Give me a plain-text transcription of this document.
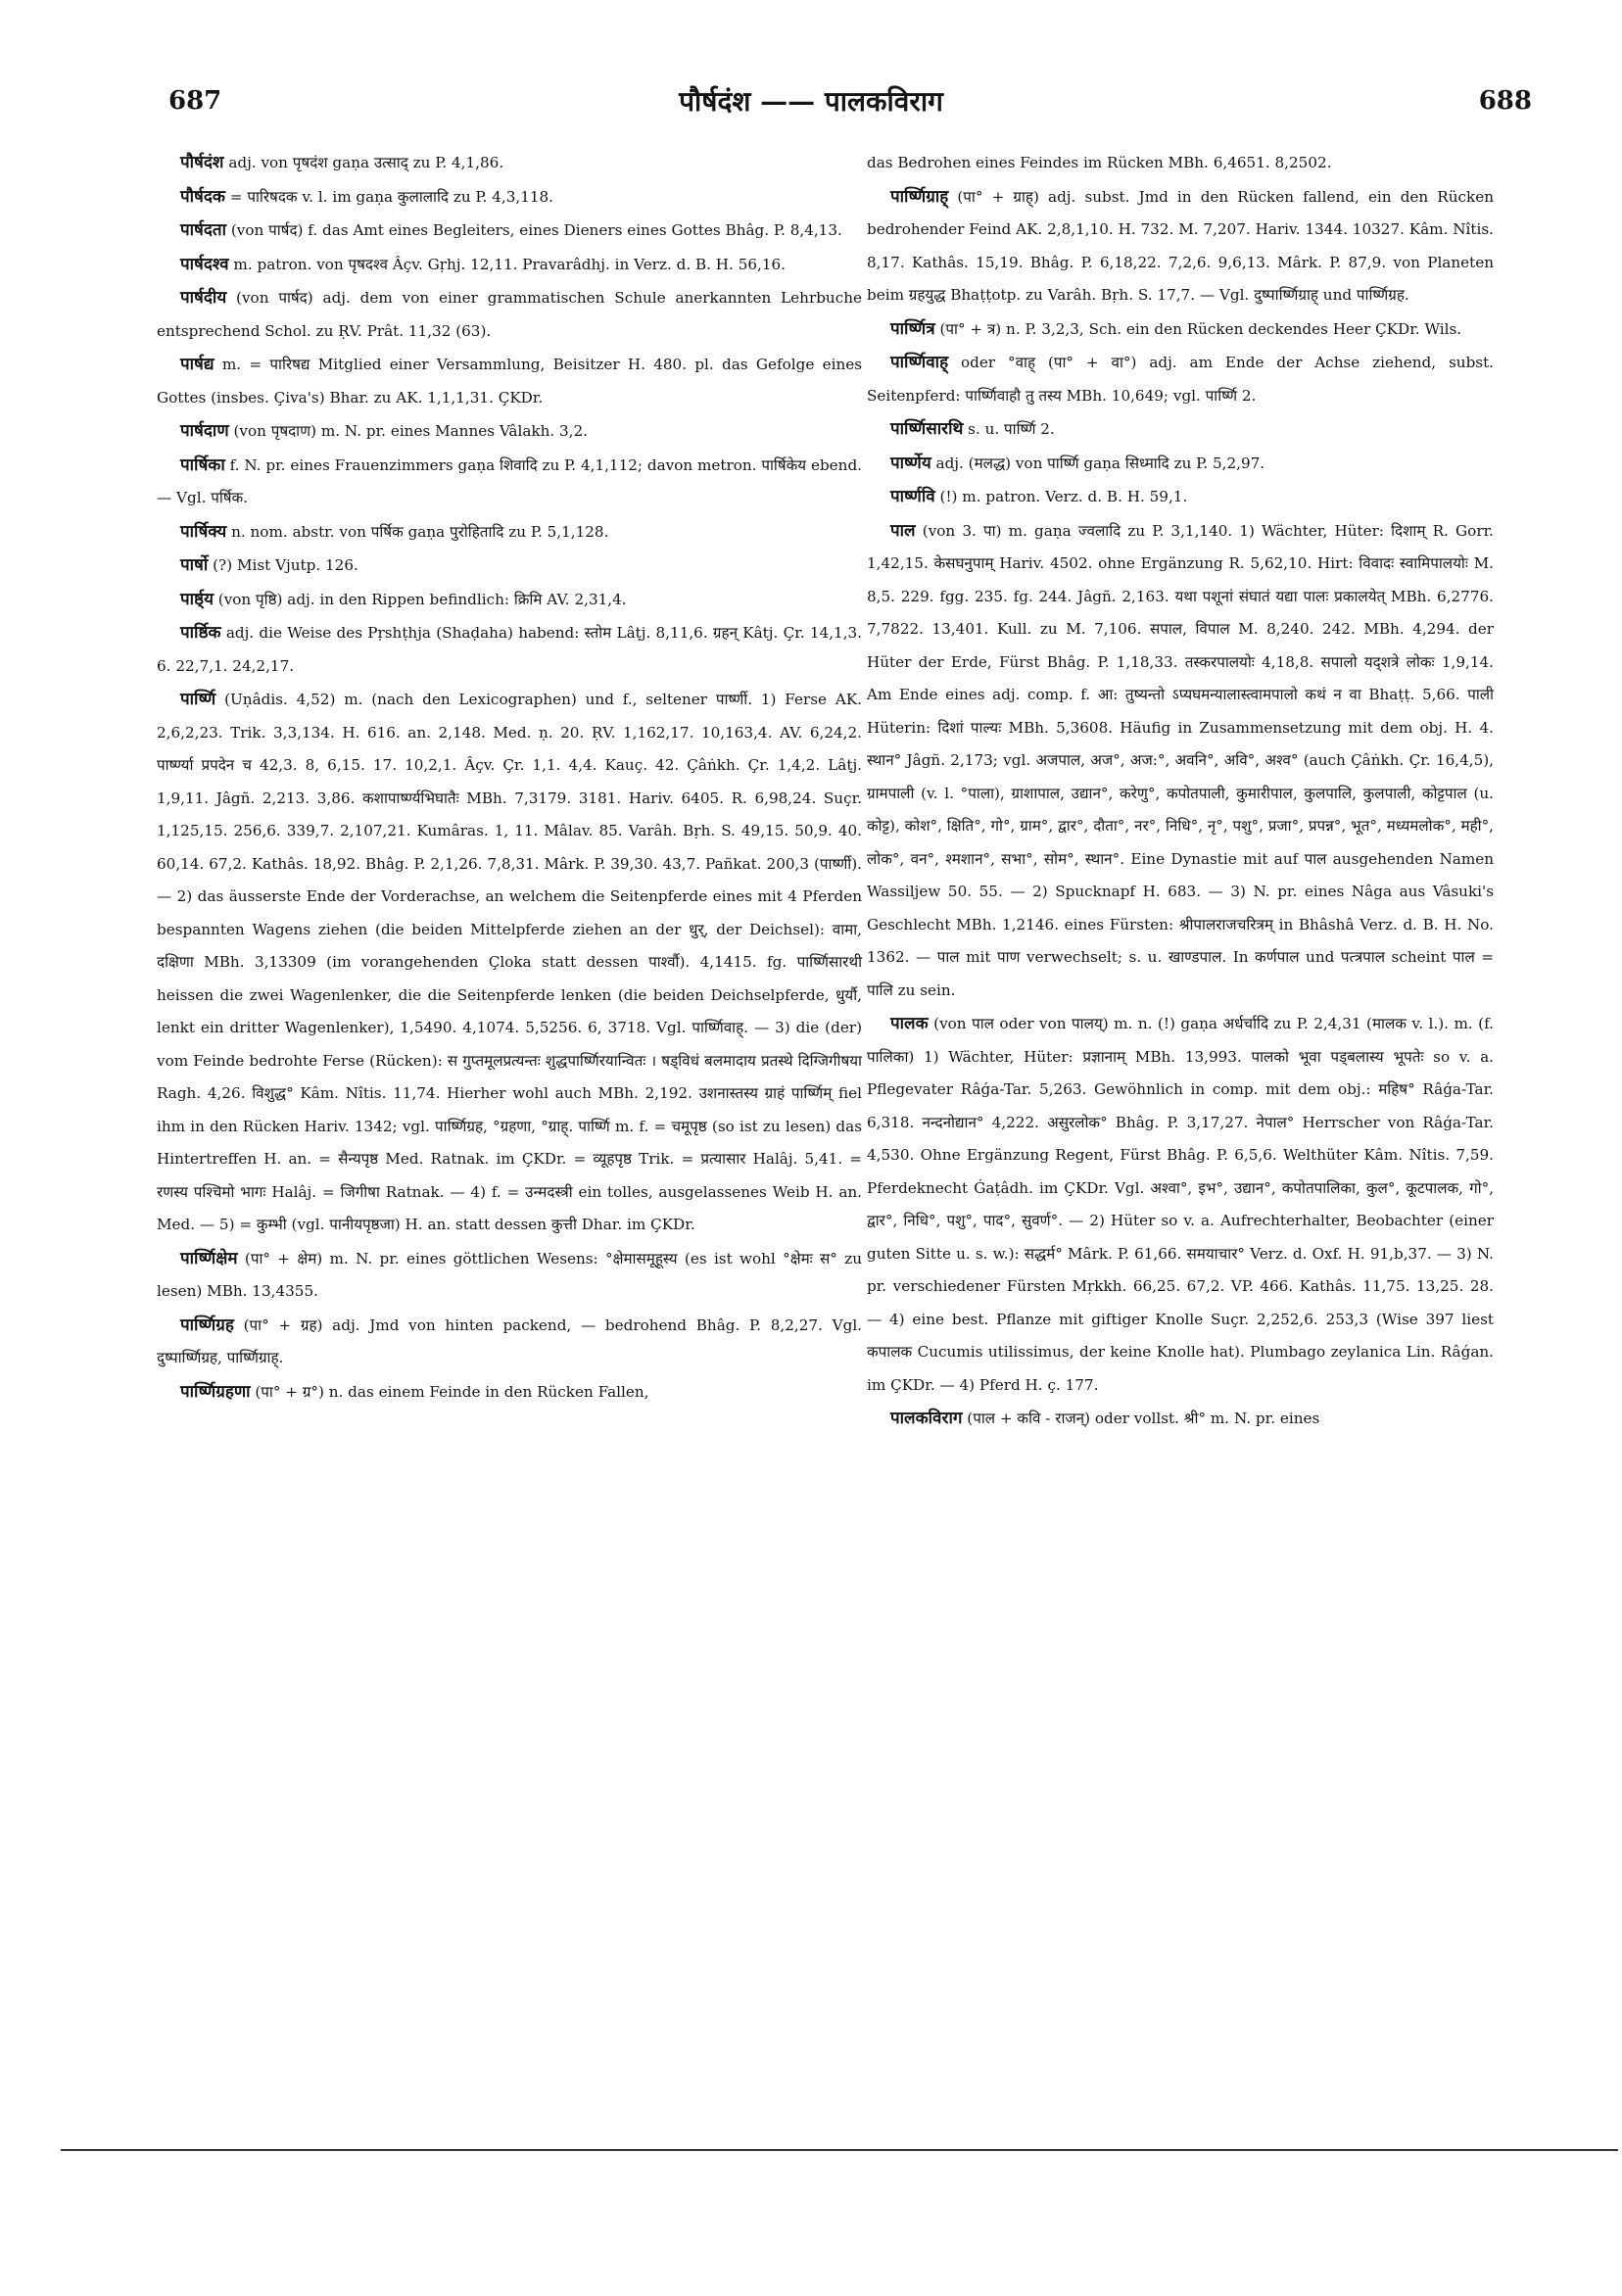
687	पौर्षदंश —— पालकविराग	688

पौर्षदंश adj. von पृषदंश gaṇa उत्साद् zu P. 4,1,86.

पौर्षदक = पारिषदक v. l. im gaṇa कुलालादि zu P. 4,3,118.

पार्षदता (von पार्षद) f. das Amt eines Begleiters, eines Dieners eines Gottes Bhâg. P. 8,4,13.

पार्षदश्व m. patron. von पृषदश्व Âçv. Gṛhj. 12,11. Pravarâdhj. in Verz. d. B. H. 56,16.

पार्षदीय (von पार्षद) adj. dem von einer grammatischen Schule anerkannten Lehrbuche entsprechend Schol. zu ṚV. Prât. 11,32 (63).

पार्षद्य m. = पारिषद्य Mitglied einer Versammlung, Beisitzer H. 480. pl. das Gefolge eines Gottes (insbes. Çiva's) Bhar. zu AK. 1,1,1,31. ÇKDr.

पार्षदाण (von पृषदाण) m. N. pr. eines Mannes Vâlakh. 3,2.

पार्षिका f. N. pr. eines Frauenzimmers gaṇa शिवादि zu P. 4,1,112; davon metron. पार्षिकेय ebend. — Vgl. पर्षिक.

पार्षिक्य n. nom. abstr. von पर्षिक gaṇa पुरोहितादि zu P. 5,1,128.

पार्षो (?) Mist Vjutp. 126.

पार्ष्ठ्य (von पृष्ठि) adj. in den Rippen befindlich: क्रिमि AV. 2,31,4.

पार्ष्ठिक adj. die Weise des Pṛshṭhja (Shaḍaha) habend: स्तोम Lâṭj. 8,11,6. ग्रहन् Kâtj. Çr. 14,1,3. 6. 22,7,1. 24,2,17.

पार्ष्णि (Uṇâdis. 4,52) m. (nach den Lexicographen) und f., seltener पार्ष्णी. 1) Ferse AK. 2,6,2,23. Trik. 3,3,134. H. 616. an. 2,148. Med. ṇ. 20. ṚV. 1,162,17. 10,163,4. AV. 6,24,2. पार्ष्ण्या प्रपदेन च 42,3. 8, 6,15. 17. 10,2,1. Âçv. Çr. 1,1. 4,4. Kauç. 42. Çâṅkh. Çr. 1,4,2. Lâṭj. 1,9,11. Jâgñ. 2,213. 3,86. कशापार्ष्ण्यभिघातैः MBh. 7,3179. 3181. Hariv. 6405. R. 6,98,24. Suçr. 1,125,15. 256,6. 339,7. 2,107,21. Kumâras. 1, 11. Mâlav. 85. Varâh. Bṛh. S. 49,15. 50,9. 40. 60,14. 67,2. Kathâs. 18,92. Bhâg. P. 2,1,26. 7,8,31. Mârk. P. 39,30. 43,7. Pañkat. 200,3 (पार्ष्णी). — 2) das äusserste Ende der Vorderachse, an welchem die Seitenpferde eines mit 4 Pferden bespannten Wagens ziehen (die beiden Mittelpferde ziehen an der धुर्, der Deichsel): वामा, दक्षिणा MBh. 3,13309 (im vorangehenden Çloka statt dessen पार्श्वौ). 4,1415. fg. पार्ष्णिसारथी heissen die zwei Wagenlenker, die die Seitenpferde lenken (die beiden Deichselpferde, धुर्यौ, lenkt ein dritter Wagenlenker), 1,5490. 4,1074. 5,5256. 6, 3718. Vgl. पार्ष्णिवाह्. — 3) die (der) vom Feinde bedrohte Ferse (Rücken): स गुप्तमूलप्रत्यन्तः शुद्धपार्ष्णिरयान्वितः । षड्विधं बलमादाय प्रतस्थे दिग्जिगीषया Ragh. 4,26. विशुद्ध° Kâm. Nîtis. 11,74. Hierher wohl auch MBh. 2,192. उशनास्तस्य ग्राहं पार्ष्णिम् fiel ihm in den Rücken Hariv. 1342; vgl. पार्ष्णिग्रह, °ग्रहणा, °ग्राह्. पार्ष्णि m. f. = चमूपृष्ठ (so ist zu lesen) das Hintertreffen H. an. = सैन्यपृष्ठ Med. Ratnak. im ÇKDr. = व्यूहपृष्ठ Trik. = प्रत्यासार Halâj. 5,41. = रणस्य पश्चिमो भागः Halâj. = जिगीषा Ratnak. — 4) f. = उन्मदस्त्री ein tolles, ausgelassenes Weib H. an. Med. — 5) = कुम्भी (vgl. पानीयपृष्ठजा) H. an. statt dessen कुत्ती Dhar. im ÇKDr.

पार्ष्णिक्षेम (पा° + क्षेम) m. N. pr. eines göttlichen Wesens: °क्षेमासमूहूस्य (es ist wohl °क्षेमः स° zu lesen) MBh. 13,4355.

पार्ष्णिग्रह (पा° + ग्रह) adj. Jmd von hinten packend, — bedrohend Bhâg. P. 8,2,27. Vgl. दुष्पार्ष्णिग्रह, पार्ष्णिग्राह्.

पार्ष्णिग्रहणा (पा° + ग्र°) n. das einem Feinde in den Rücken Fallen,

das Bedrohen eines Feindes im Rücken MBh. 6,4651. 8,2502.

पार्ष्णिग्राह् (पा° + ग्राह्) adj. subst. Jmd in den Rücken fallend, ein den Rücken bedrohender Feind AK. 2,8,1,10. H. 732. M. 7,207. Hariv. 1344. 10327. Kâm. Nîtis. 8,17. Kathâs. 15,19. Bhâg. P. 6,18,22. 7,2,6. 9,6,13. Mârk. P. 87,9. von Planeten beim ग्रहयुद्ध Bhaṭṭotp. zu Varâh. Bṛh. S. 17,7. — Vgl. दुष्पार्ष्णिग्राह् und पार्ष्णिग्रह.

पार्ष्णित्र (पा° + त्र) n. P. 3,2,3, Sch. ein den Rücken deckendes Heer ÇKDr. Wils.

पार्ष्णिवाह् oder °वाह् (पा° + वा°) adj. am Ende der Achse ziehend, subst. Seitenpferd: पार्ष्णिवाहौ तु तस्य MBh. 10,649; vgl. पार्ष्णि 2.

पार्ष्णिसारथि s. u. पार्ष्णि 2.

पार्ष्णेय adj. (मलद्ध) von पार्ष्णि gaṇa सिध्मादि zu P. 5,2,97.

पार्ष्णवि (!) m. patron. Verz. d. B. H. 59,1.

पाल (von 3. पा) m. gaṇa ज्वलादि zu P. 3,1,140. 1) Wächter, Hüter: दिशाम् R. Gorr. 1,42,15. केसघनुपाम् Hariv. 4502. ohne Ergänzung R. 5,62,10. Hirt: विवादः स्वामिपालयोः M. 8,5. 229. fgg. 235. fg. 244. Jâgñ. 2,163. यथा पशूनां संघातं यद्या पालः प्रकालयेत् MBh. 6,2776. 7,7822. 13,401. Kull. zu M. 7,106. सपाल, विपाल M. 8,240. 242. MBh. 4,294. der Hüter der Erde, Fürst Bhâg. P. 1,18,33. तस्करपालयोः 4,18,8. सपालो यद्शत्रे लोकः 1,9,14. Am Ende eines adj. comp. f. आ: तुष्यन्तो ऽप्यघमन्यालास्त्वामपालो कथं न वा Bhaṭṭ. 5,66. पाली Hüterin: दिशां पाल्यः MBh. 5,3608. Häufig in Zusammensetzung mit dem obj. H. 4. स्थान° Jâgñ. 2,173; vgl. अजपाल, अज°, अज:°, अवनि°, अवि°, अश्व° (auch Çâṅkh. Çr. 16,4,5), ग्रामपाली (v. l. °पाला), ग्राशापाल, उद्यान°, करेणु°, कपोतपाली, कुमारीपाल, कुलपालि, कुलपाली, कोट्टपाल (u. कोट्ट), कोश°, क्षिति°, गो°, ग्राम°, द्वार°, दौता°, नर°, निधि°, नृ°, पशु°, प्रजा°, प्रपन्न°, भूत°, मध्यमलोक°, मही°, लोक°, वन°, श्मशान°, सभा°, सोम°, स्थान°. Eine Dynastie mit auf पाल ausgehenden Namen Wassiljew 50. 55. — 2) Spucknapf H. 683. — 3) N. pr. eines Nâga aus Vâsuki's Geschlecht MBh. 1,2146. eines Fürsten: श्रीपालराजचरित्रम् in Bhâshâ Verz. d. B. H. No. 1362. — पाल mit पाण verwechselt; s. u. खाण्डपाल. In कर्णपाल und पत्त्रपाल scheint पाल = पालि zu sein.

पालक (von पाल oder von पालय्) m. n. (!) gaṇa अर्धर्चादि zu P. 2,4,31 (मालक v. l.). m. (f. पालिका) 1) Wächter, Hüter: प्रज्ञानाम् MBh. 13,993. पालको भूवा पड्बलास्य भूपतेः so v. a. Pflegevater Râǵa-Tar. 5,263. Gewöhnlich in comp. mit dem obj.: महिष° Râǵa-Tar. 6,318. नन्दनोद्यान° 4,222. असुरलोक° Bhâg. P. 3,17,27. नेपाल° Herrscher von Râǵa-Tar. 4,530. Ohne Ergänzung Regent, Fürst Bhâg. P. 6,5,6. Welthüter Kâm. Nîtis. 7,59. Pferdeknecht Ǵaṭâdh. im ÇKDr. Vgl. अश्वा°, इभ°, उद्यान°, कपोतपालिका, कुल°, कूटपालक, गो°, द्वार°, निधि°, पशु°, पाद°, सुवर्ण°. — 2) Hüter so v. a. Aufrechterhalter, Beobachter (einer guten Sitte u. s. w.): सद्धर्म° Mârk. P. 61,66. समयाचार° Verz. d. Oxf. H. 91,b,37. — 3) N. pr. verschiedener Fürsten Mṛkkh. 66,25. 67,2. VP. 466. Kathâs. 11,75. 13,25. 28. — 4) eine best. Pflanze mit giftiger Knolle Suçr. 2,252,6. 253,3 (Wise 397 liest कपालक Cucumis utilissimus, der keine Knolle hat). Plumbago zeylanica Lin. Râǵan. im ÇKDr. — 4) Pferd H. ç. 177.

पालकविराग (पाल + कवि - राजन्) oder vollst. श्री° m. N. pr. eines
